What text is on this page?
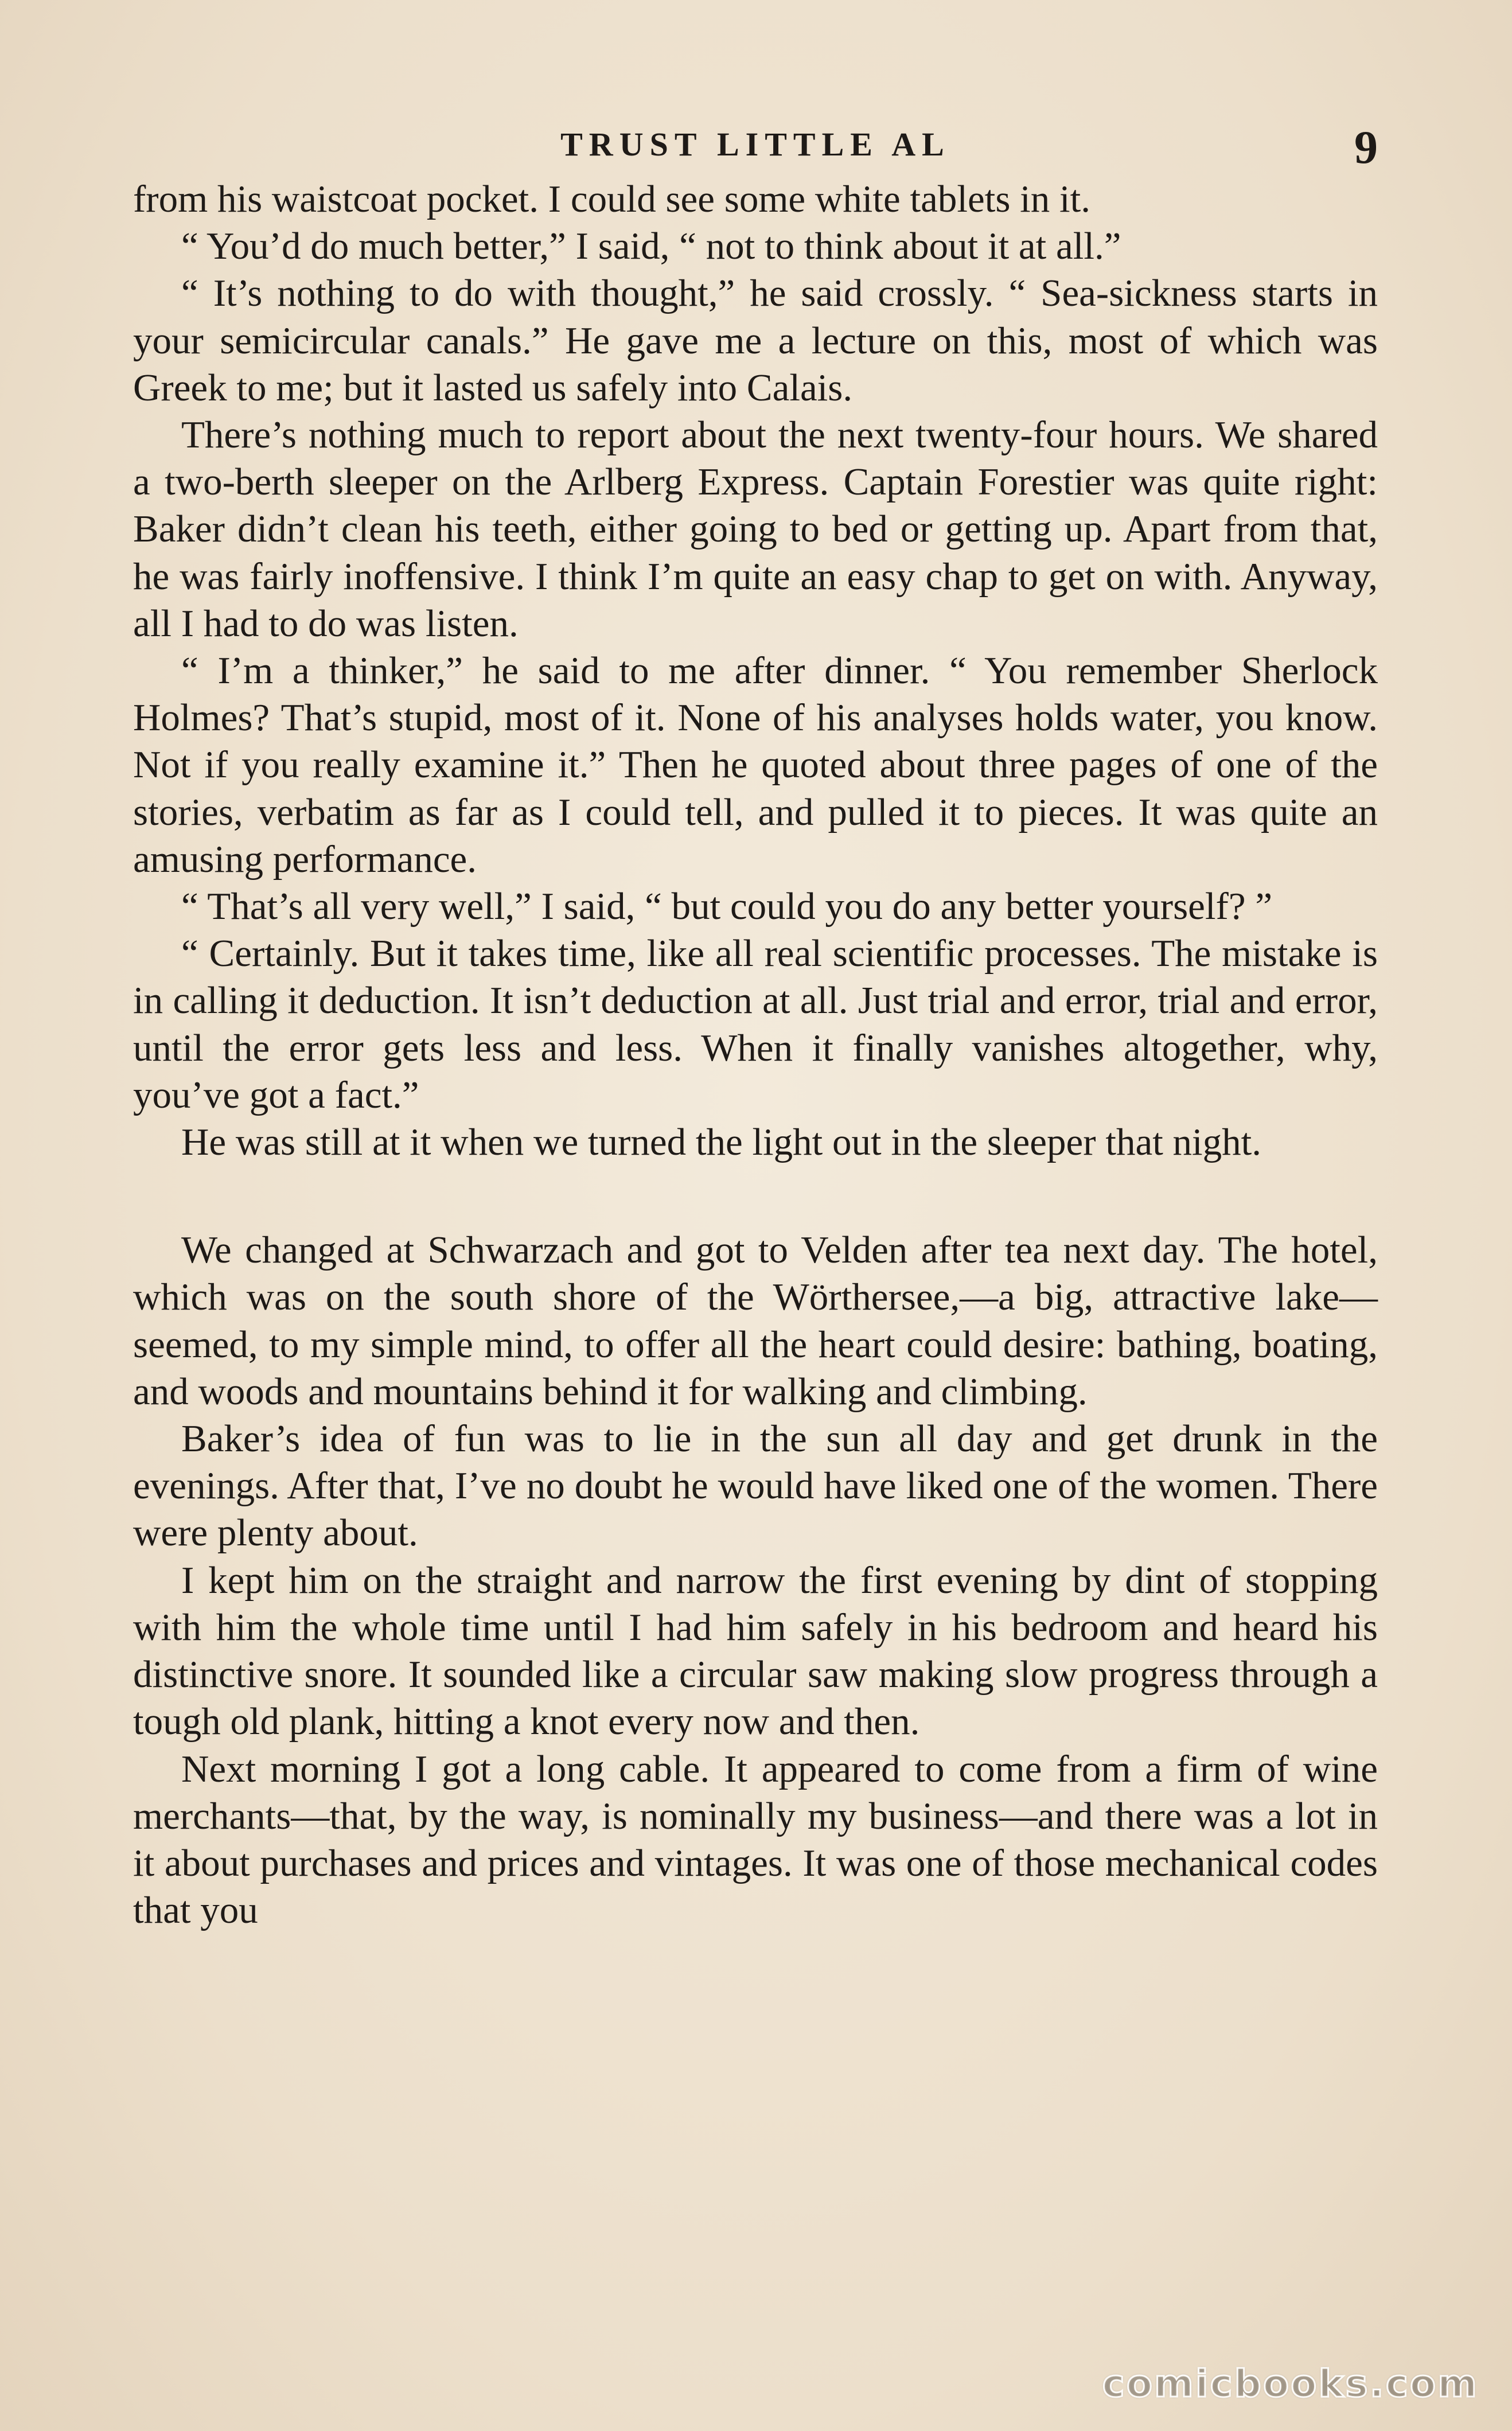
TRUST LITTLE AL	9

from his waistcoat pocket. I could see some white tablets in it.

“ You’d do much better,” I said, “ not to think about it at all.”

“ It’s nothing to do with thought,” he said crossly. “ Sea-sickness starts in your semicircular canals.” He gave me a lecture on this, most of which was Greek to me; but it lasted us safely into Calais.

There’s nothing much to report about the next twenty-four hours. We shared a two-berth sleeper on the Arlberg Express. Captain Forestier was quite right: Baker didn’t clean his teeth, either going to bed or getting up. Apart from that, he was fairly inoffensive. I think I’m quite an easy chap to get on with. Anyway, all I had to do was listen.

“ I’m a thinker,” he said to me after dinner. “ You remember Sherlock Holmes? That’s stupid, most of it. None of his analyses holds water, you know. Not if you really examine it.” Then he quoted about three pages of one of the stories, verbatim as far as I could tell, and pulled it to pieces. It was quite an amusing performance.

“ That’s all very well,” I said, “ but could you do any better yourself? ”

“ Certainly. But it takes time, like all real scientific processes. The mistake is in calling it deduction. It isn’t deduction at all. Just trial and error, trial and error, until the error gets less and less. When it finally vanishes altogether, why, you’ve got a fact.”

He was still at it when we turned the light out in the sleeper that night.

We changed at Schwarzach and got to Velden after tea next day. The hotel, which was on the south shore of the Wörthersee,—a big, attractive lake—seemed, to my simple mind, to offer all the heart could desire: bathing, boating, and woods and mountains behind it for walking and climbing.

Baker’s idea of fun was to lie in the sun all day and get drunk in the evenings. After that, I’ve no doubt he would have liked one of the women. There were plenty about.

I kept him on the straight and narrow the first evening by dint of stopping with him the whole time until I had him safely in his bedroom and heard his distinctive snore. It sounded like a circular saw making slow progress through a tough old plank, hitting a knot every now and then.

Next morning I got a long cable. It appeared to come from a firm of wine merchants—that, by the way, is nominally my business—and there was a lot in it about purchases and prices and vintages. It was one of those mechanical codes that you

comicbooks.com
